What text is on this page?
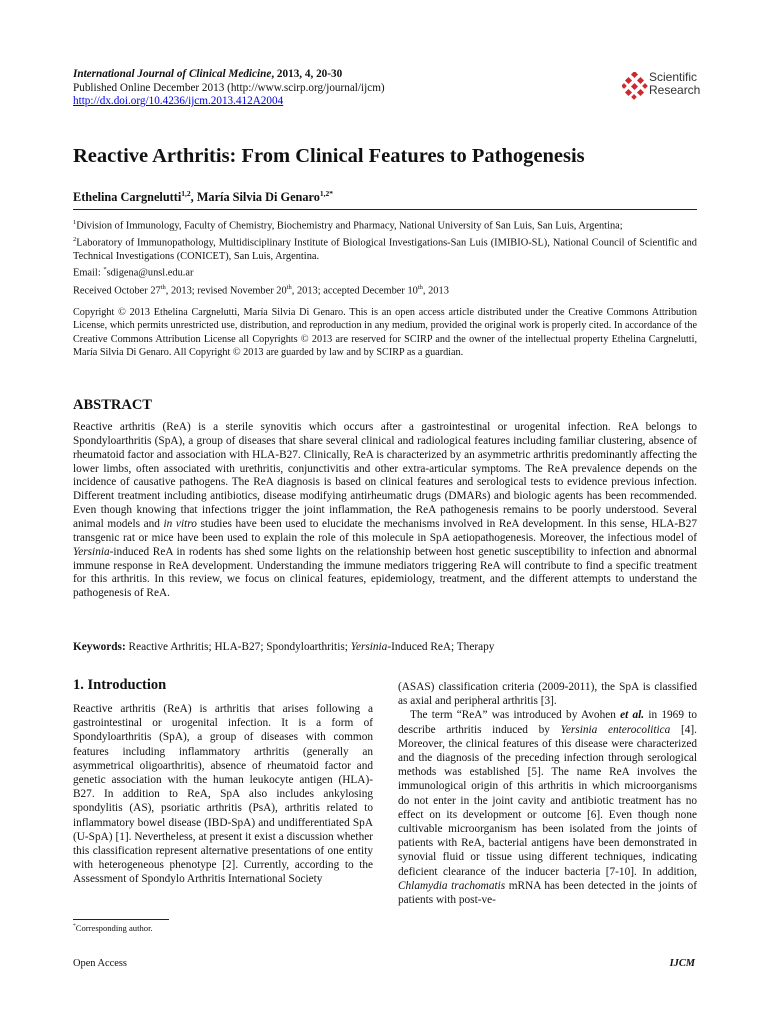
International Journal of Clinical Medicine, 2013, 4, 20-30
Published Online December 2013 (http://www.scirp.org/journal/ijcm)
http://dx.doi.org/10.4236/ijcm.2013.412A2004
Scientific
Research
Reactive Arthritis: From Clinical Features to Pathogenesis
Ethelina Cargnelutti$^{1,2}$, María Silvia Di Genaro$^{1,2*}$
$^1$Division of Immunology, Faculty of Chemistry, Biochemistry and Pharmacy, National University of San Luis, San Luis, Argentina;
$^2$Laboratory of Immunopathology, Multidisciplinary Institute of Biological Investigations-San Luis (IMIBIO-SL), National Council of Scientific and Technical Investigations (CONICET), San Luis, Argentina.
Email: *sdigena@unsl.edu.ar
Received October 27th, 2013; revised November 20th, 2013; accepted December 10th, 2013
Copyright © 2013 Ethelina Cargnelutti, María Silvia Di Genaro. This is an open access article distributed under the Creative Commons Attribution License, which permits unrestricted use, distribution, and reproduction in any medium, provided the original work is properly cited. In accordance of the Creative Commons Attribution License all Copyrights © 2013 are reserved for SCIRP and the owner of the intellectual property Ethelina Cargnelutti, María Silvia Di Genaro. All Copyright © 2013 are guarded by law and by SCIRP as a guardian.
ABSTRACT
Reactive arthritis (ReA) is a sterile synovitis which occurs after a gastrointestinal or urogenital infection. ReA belongs to Spondyloarthritis (SpA), a group of diseases that share several clinical and radiological features including familiar clustering, absence of rheumatoid factor and association with HLA-B27. Clinically, ReA is characterized by an asymmetric arthritis predominantly affecting the lower limbs, often associated with urethritis, conjunctivitis and other extra-articular symptoms. The ReA prevalence depends on the incidence of causative pathogens. The ReA diagnosis is based on clinical features and serological tests to evidence previous infection. Different treatment including antibiotics, disease modifying antirheumatic drugs (DMARs) and biologic agents has been recommended. Even though knowing that infections trigger the joint inflammation, the ReA pathogenesis remains to be poorly understood. Several animal models and in vitro studies have been used to elucidate the mechanisms involved in ReA development. In this sense, HLA-B27 transgenic rat or mice have been used to explain the role of this molecule in SpA aetiopathogenesis. Moreover, the infectious model of Yersinia-induced ReA in rodents has shed some lights on the relationship between host genetic susceptibility to infection and abnormal immune response in ReA development. Understanding the immune mediators triggering ReA will contribute to find a specific treatment for this arthritis. In this review, we focus on clinical features, epidemiology, treatment, and the different attempts to understand the pathogenesis of ReA.
Keywords: Reactive Arthritis; HLA-B27; Spondyloarthritis; Yersinia-Induced ReA; Therapy
1. Introduction
Reactive arthritis (ReA) is arthritis that arises following a gastrointestinal or urogenital infection. It is a form of Spondyloarthritis (SpA), a group of diseases with common features including inflammatory arthritis (generally an asymmetrical oligoarthritis), absence of rheumatoid factor and genetic association with the human leukocyte antigen (HLA)-B27. In addition to ReA, SpA also includes ankylosing spondylitis (AS), psoriatic arthritis (PsA), arthritis related to inflammatory bowel disease (IBD-SpA) and undifferentiated SpA (U-SpA) [1]. Nevertheless, at present it exist a discussion whether this classification represent alternative presentations of one entity with heterogeneous phenotype [2]. Currently, according to the Assessment of Spondylo Arthritis International Society

(ASAS) classification criteria (2009-2011), the SpA is classified as axial and peripheral arthritis [3].

The term “ReA” was introduced by Avohen et al. in 1969 to describe arthritis induced by Yersinia enterocolitica [4]. Moreover, the clinical features of this disease were characterized and the diagnosis of the preceding infection through serological methods was established [5]. The name ReA involves the immunological origin of this arthritis in which microorganisms do not enter in the joint cavity and antibiotic treatment has no effect on its development or outcome [6]. Even though none cultivable microorganism has been isolated from the joints of patients with ReA, bacterial antigens have been demonstrated in synovial fluid or tissue using different techniques, indicating deficient clearance of the inducer bacteria [7-10]. In addition, Chlamydia trachomatis mRNA has been detected in the joints of patients with post-ve-

*Corresponding author.
Open Access	IJCM
